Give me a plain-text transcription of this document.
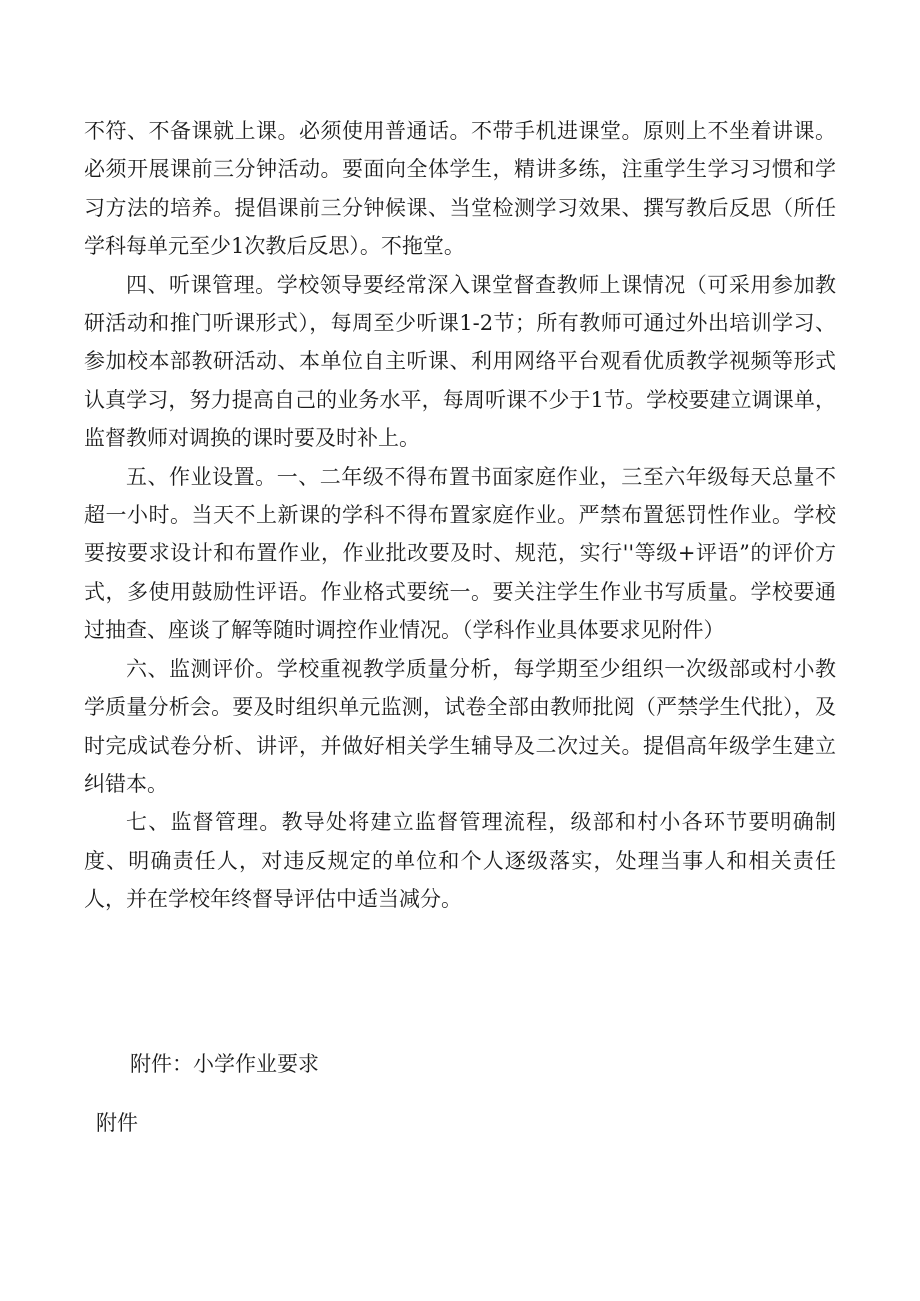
不符、不备课就上课。必须使用普通话。不带手机进课堂。原则上不坐着讲课。必须开展课前三分钟活动。要面向全体学生，精讲多练，注重学生学习习惯和学习方法的培养。提倡课前三分钟候课、当堂检测学习效果、撰写教后反思（所任学科每单元至少1次教后反思）。不拖堂。

四、听课管理。学校领导要经常深入课堂督查教师上课情况（可采用参加教研活动和推门听课形式），每周至少听课1-2节；所有教师可通过外出培训学习、参加校本部教研活动、本单位自主听课、利用网络平台观看优质教学视频等形式认真学习，努力提高自己的业务水平，每周听课不少于1节。学校要建立调课单，监督教师对调换的课时要及时补上。

五、作业设置。一、二年级不得布置书面家庭作业，三至六年级每天总量不超一小时。当天不上新课的学科不得布置家庭作业。严禁布置惩罚性作业。学校要按要求设计和布置作业，作业批改要及时、规范，实行''等级+评语”的评价方式，多使用鼓励性评语。作业格式要统一。要关注学生作业书写质量。学校要通过抽查、座谈了解等随时调控作业情况。（学科作业具体要求见附件）

六、监测评价。学校重视教学质量分析，每学期至少组织一次级部或村小教学质量分析会。要及时组织单元监测，试卷全部由教师批阅（严禁学生代批），及时完成试卷分析、讲评，并做好相关学生辅导及二次过关。提倡高年级学生建立纠错本。

七、监督管理。教导处将建立监督管理流程，级部和村小各环节要明确制度、明确责任人，对违反规定的单位和个人逐级落实，处理当事人和相关责任人，并在学校年终督导评估中适当减分。

附件：小学作业要求

附件
